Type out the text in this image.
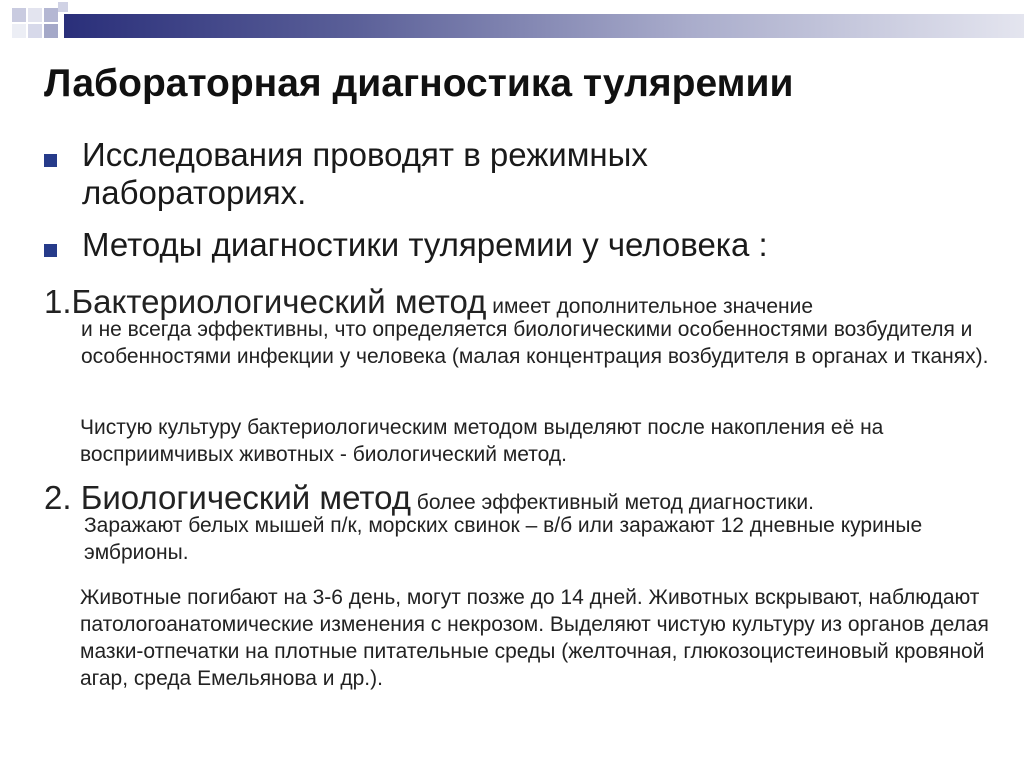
Лабораторная диагностика туляремии
Исследования проводят в режимных
лабораториях.
Методы диагностики туляремии у человека :
1.Бактериологический метод имеет дополнительное значение
и не всегда эффективны, что определяется биологическими особенностями возбудителя и особенностями инфекции у человека (малая концентрация возбудителя в органах и тканях).
Чистую культуру бактериологическим методом выделяют после накопления её на восприимчивых животных - биологический метод.
2. Биологический метод более эффективный метод диагностики.
Заражают белых мышей п/к, морских свинок – в/б или заражают 12 дневные куриные эмбрионы.
Животные погибают на 3-6 день, могут позже до 14 дней. Животных вскрывают, наблюдают патологоанатомические изменения с некрозом. Выделяют чистую культуру из органов делая мазки-отпечатки на плотные питательные среды (желточная, глюкозоцистеиновый кровяной агар, среда Емельянова и др.).
